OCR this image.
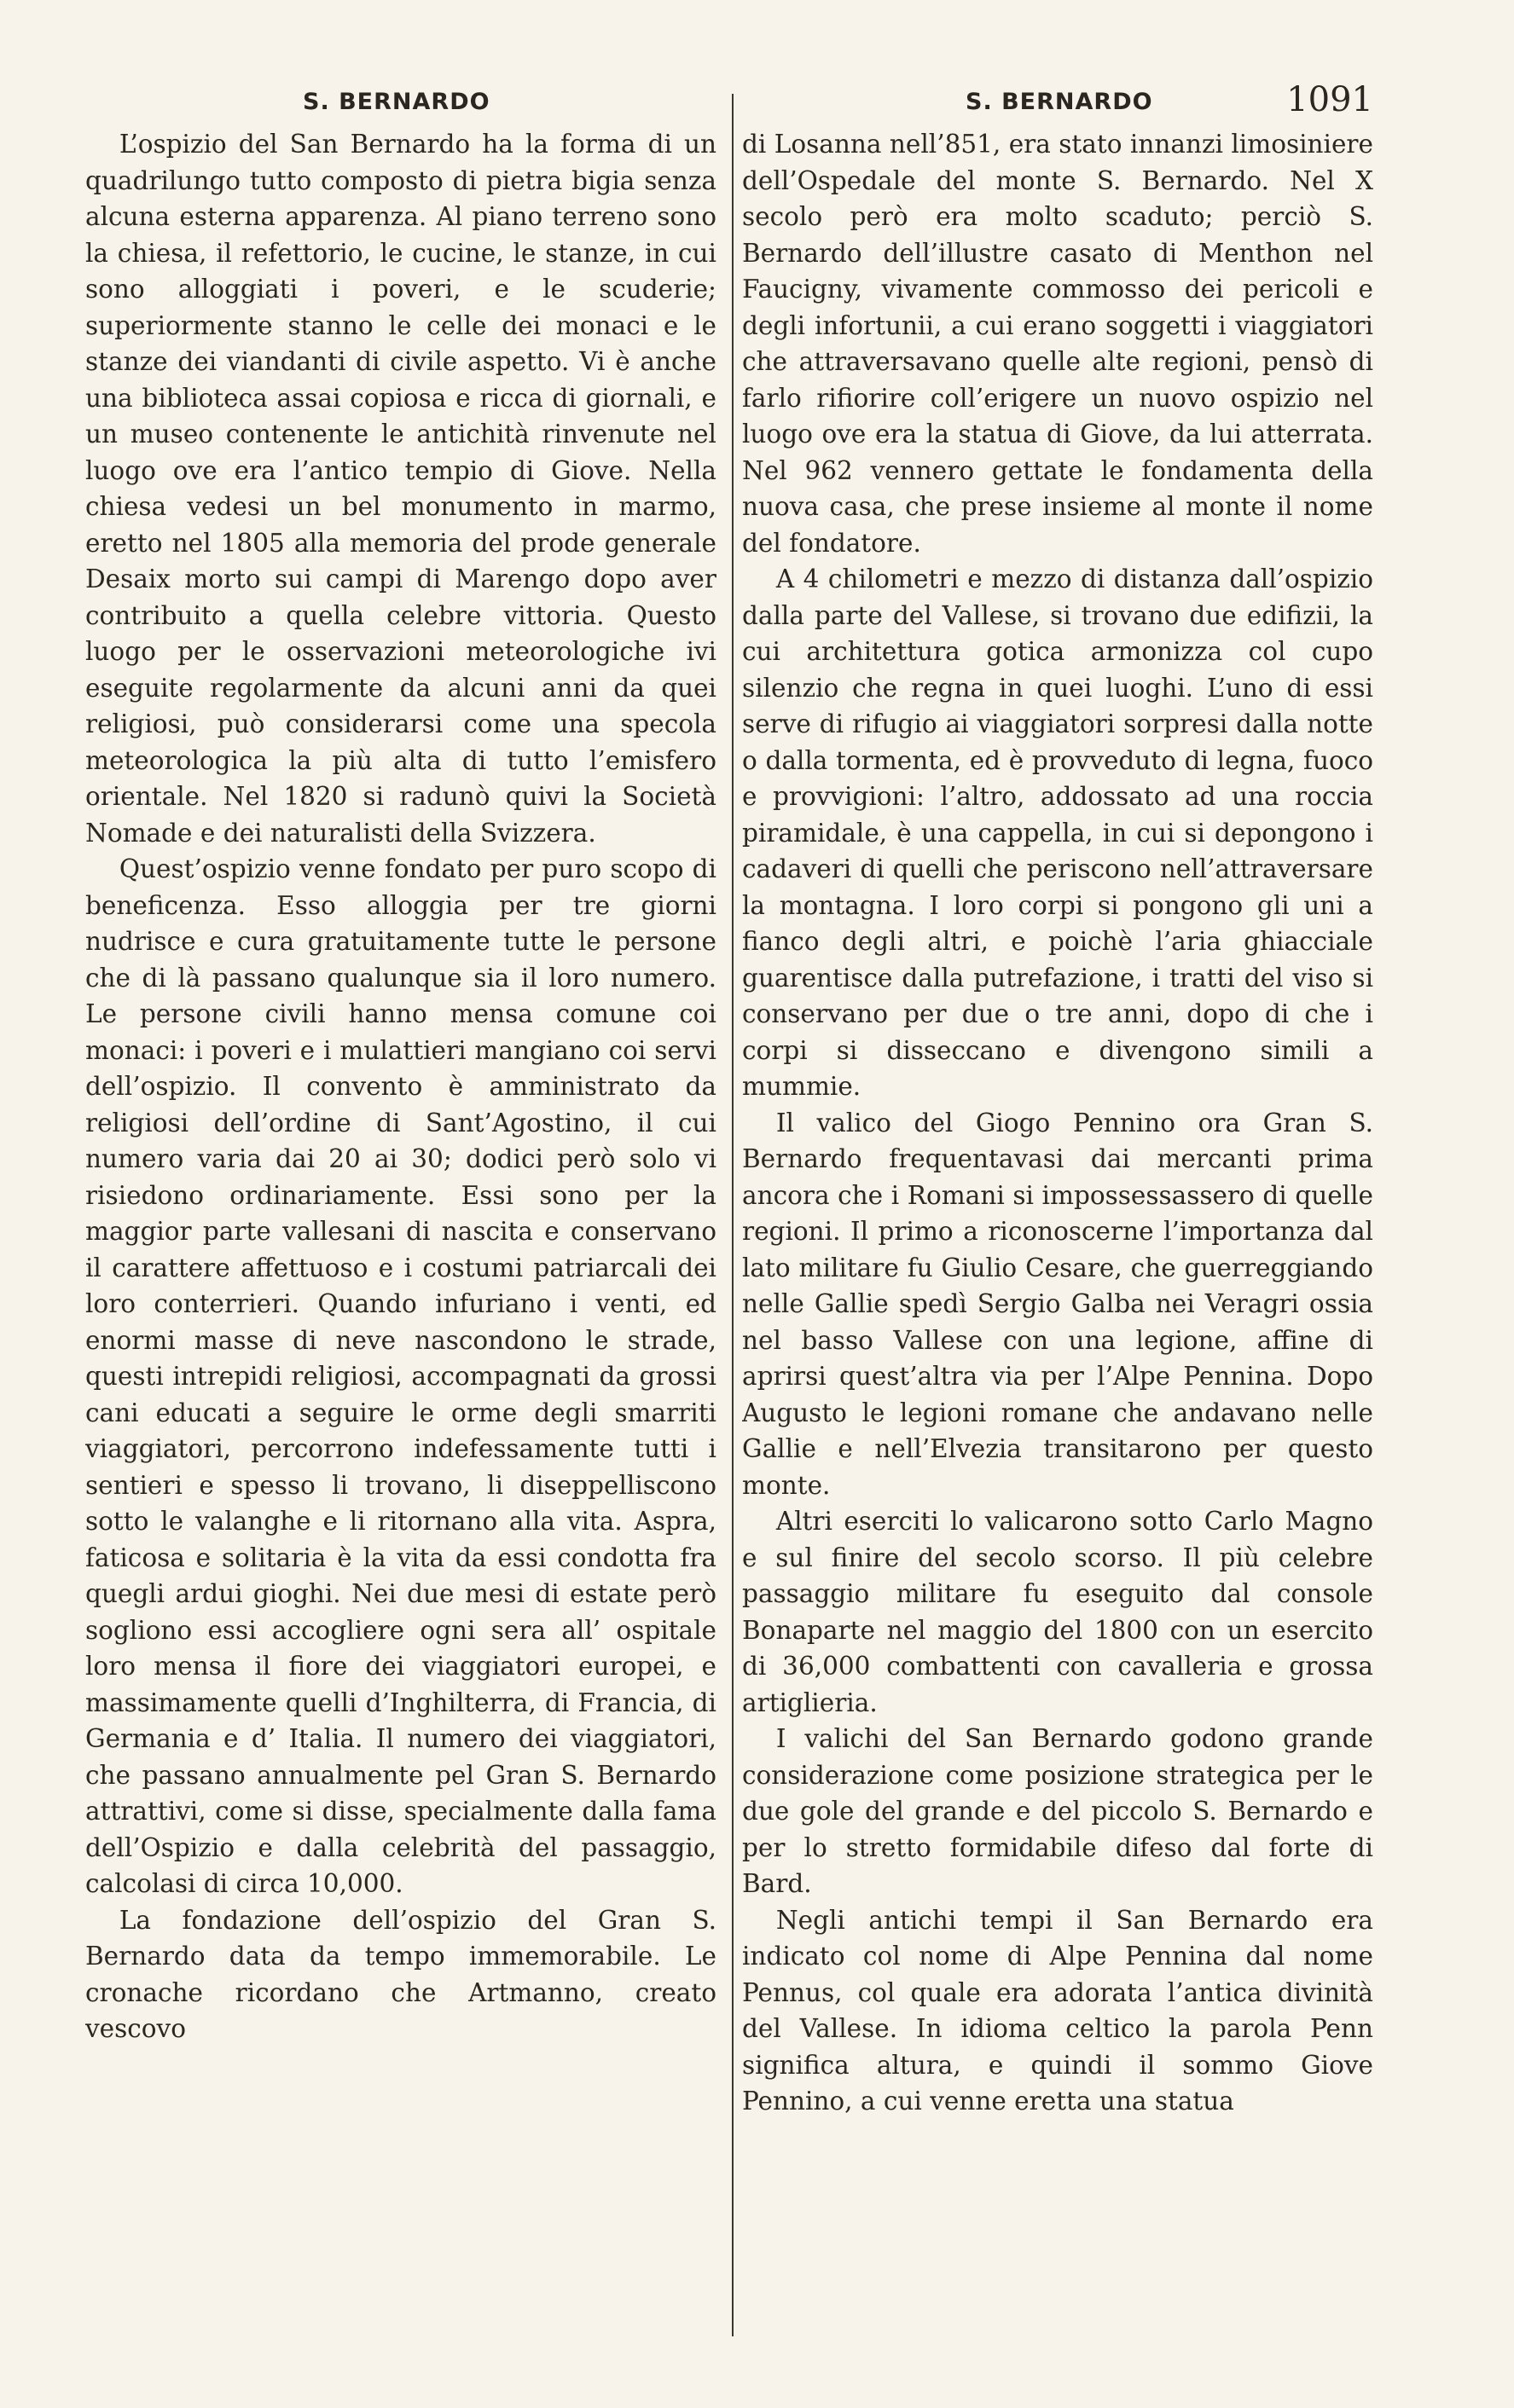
S. BERNARDO

L’ospizio del San Bernardo ha la forma di un quadrilungo tutto composto di pietra bigia senza alcuna esterna apparenza. Al piano terreno sono la chiesa, il refettorio, le cucine, le stanze, in cui sono alloggiati i poveri, e le scuderie; superiormente stanno le celle dei monaci e le stanze dei viandanti di civile aspetto. Vi è anche una biblioteca assai copiosa e ricca di giornali, e un museo contenente le antichità rinvenute nel luogo ove era l’antico tempio di Giove. Nella chiesa vedesi un bel monumento in marmo, eretto nel 1805 alla memoria del prode generale Desaix morto sui campi di Marengo dopo aver contribuito a quella celebre vittoria. Questo luogo per le osservazioni meteorologiche ivi eseguite regolarmente da alcuni anni da quei religiosi, può considerarsi come una specola meteorologica la più alta di tutto l’emisfero orientale. Nel 1820 si radunò quivi la Società Nomade e dei naturalisti della Svizzera.

Quest’ospizio venne fondato per puro scopo di beneficenza. Esso alloggia per tre giorni nudrisce e cura gratuitamente tutte le persone che di là passano qualunque sia il loro numero. Le persone civili hanno mensa comune coi monaci: i poveri e i mulattieri mangiano coi servi dell’ospizio. Il convento è amministrato da religiosi dell’ordine di Sant’Agostino, il cui numero varia dai 20 ai 30; dodici però solo vi risiedono ordinariamente. Essi sono per la maggior parte vallesani di nascita e conservano il carattere affettuoso e i costumi patriarcali dei loro conterrieri. Quando infuriano i venti, ed enormi masse di neve nascondono le strade, questi intrepidi religiosi, accompagnati da grossi cani educati a seguire le orme degli smarriti viaggiatori, percorrono indefessamente tutti i sentieri e spesso li trovano, li diseppelliscono sotto le valanghe e li ritornano alla vita. Aspra, faticosa e solitaria è la vita da essi condotta fra quegli ardui gioghi. Nei due mesi di estate però sogliono essi accogliere ogni sera all’ ospitale loro mensa il fiore dei viaggiatori europei, e massimamente quelli d’Inghilterra, di Francia, di Germania e d’ Italia. Il numero dei viaggiatori, che passano annualmente pel Gran S. Bernardo attrattivi, come si disse, specialmente dalla fama dell’Ospizio e dalla celebrità del passaggio, calcolasi di circa 10,000.

La fondazione dell’ospizio del Gran S. Bernardo data da tempo immemorabile. Le cronache ricordano che Artmanno, creato vescovo

S. BERNARDO	1091

di Losanna nell’851, era stato innanzi limosiniere dell’Ospedale del monte S. Bernardo. Nel X secolo però era molto scaduto; perciò S. Bernardo dell’illustre casato di Menthon nel Faucigny, vivamente commosso dei pericoli e degli infortunii, a cui erano soggetti i viaggiatori che attraversavano quelle alte regioni, pensò di farlo rifiorire coll’erigere un nuovo ospizio nel luogo ove era la statua di Giove, da lui atterrata. Nel 962 vennero gettate le fondamenta della nuova casa, che prese insieme al monte il nome del fondatore.

A 4 chilometri e mezzo di distanza dall’ospizio dalla parte del Vallese, si trovano due edifizii, la cui architettura gotica armonizza col cupo silenzio che regna in quei luoghi. L’uno di essi serve di rifugio ai viaggiatori sorpresi dalla notte o dalla tormenta, ed è provveduto di legna, fuoco e provvigioni: l’altro, addossato ad una roccia piramidale, è una cappella, in cui si depongono i cadaveri di quelli che periscono nell’attraversare la montagna. I loro corpi si pongono gli uni a fianco degli altri, e poichè l’aria ghiacciale guarentisce dalla putrefazione, i tratti del viso si conservano per due o tre anni, dopo di che i corpi si disseccano e divengono simili a mummie.

Il valico del Giogo Pennino ora Gran S. Bernardo frequentavasi dai mercanti prima ancora che i Romani si impossessassero di quelle regioni. Il primo a riconoscerne l’importanza dal lato militare fu Giulio Cesare, che guerreggiando nelle Gallie spedì Sergio Galba nei Veragri ossia nel basso Vallese con una legione, affine di aprirsi quest’altra via per l’Alpe Pennina. Dopo Augusto le legioni romane che andavano nelle Gallie e nell’Elvezia transitarono per questo monte.

Altri eserciti lo valicarono sotto Carlo Magno e sul finire del secolo scorso. Il più celebre passaggio militare fu eseguito dal console Bonaparte nel maggio del 1800 con un esercito di 36,000 combattenti con cavalleria e grossa artiglieria.

I valichi del San Bernardo godono grande considerazione come posizione strategica per le due gole del grande e del piccolo S. Bernardo e per lo stretto formidabile difeso dal forte di Bard.

Negli antichi tempi il San Bernardo era indicato col nome di Alpe Pennina dal nome Pennus, col quale era adorata l’antica divinità del Vallese. In idioma celtico la parola Penn significa altura, e quindi il sommo Giove Pennino, a cui venne eretta una statua
